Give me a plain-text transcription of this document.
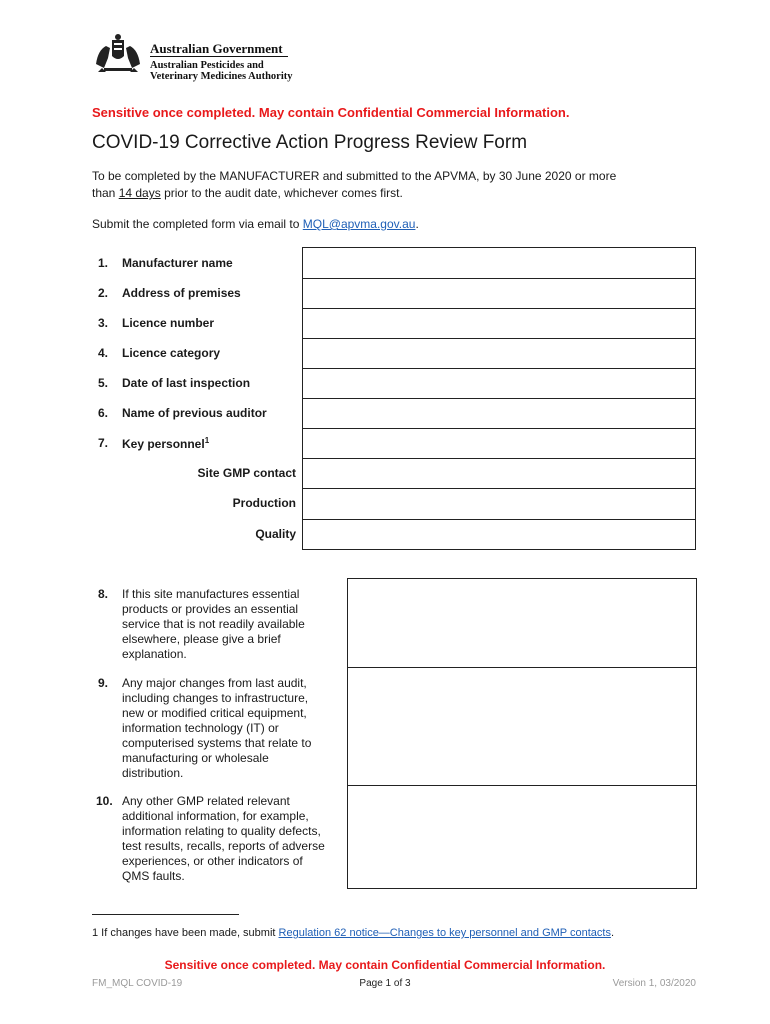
Australian Government
Australian Pesticides and
Veterinary Medicines Authority
Sensitive once completed. May contain Confidential Commercial Information.
COVID-19 Corrective Action Progress Review Form
To be completed by the MANUFACTURER and submitted to the APVMA, by 30 June 2020 or more
than 14 days prior to the audit date, whichever comes first.
Submit the completed form via email to MQL@apvma.gov.au.
1. Manufacturer name
2. Address of premises
3. Licence number
4. Licence category
5. Date of last inspection
6. Name of previous auditor
7. Key personnel$^1$
Site GMP contact
Production
Quality
8. If this site manufactures essential
products or provides an essential
service that is not readily available
elsewhere, please give a brief
explanation.
9. Any major changes from last audit,
including changes to infrastructure,
new or modified critical equipment,
information technology (IT) or
computerised systems that relate to
manufacturing or wholesale
distribution.
10. Any other GMP related relevant
additional information, for example,
information relating to quality defects,
test results, recalls, reports of adverse
experiences, or other indicators of
QMS faults.
1 If changes have been made, submit Regulation 62 notice—Changes to key personnel and GMP contacts.
Sensitive once completed. May contain Confidential Commercial Information.
FM_MQL COVID-19	Page 1 of 3	Version 1, 03/2020
